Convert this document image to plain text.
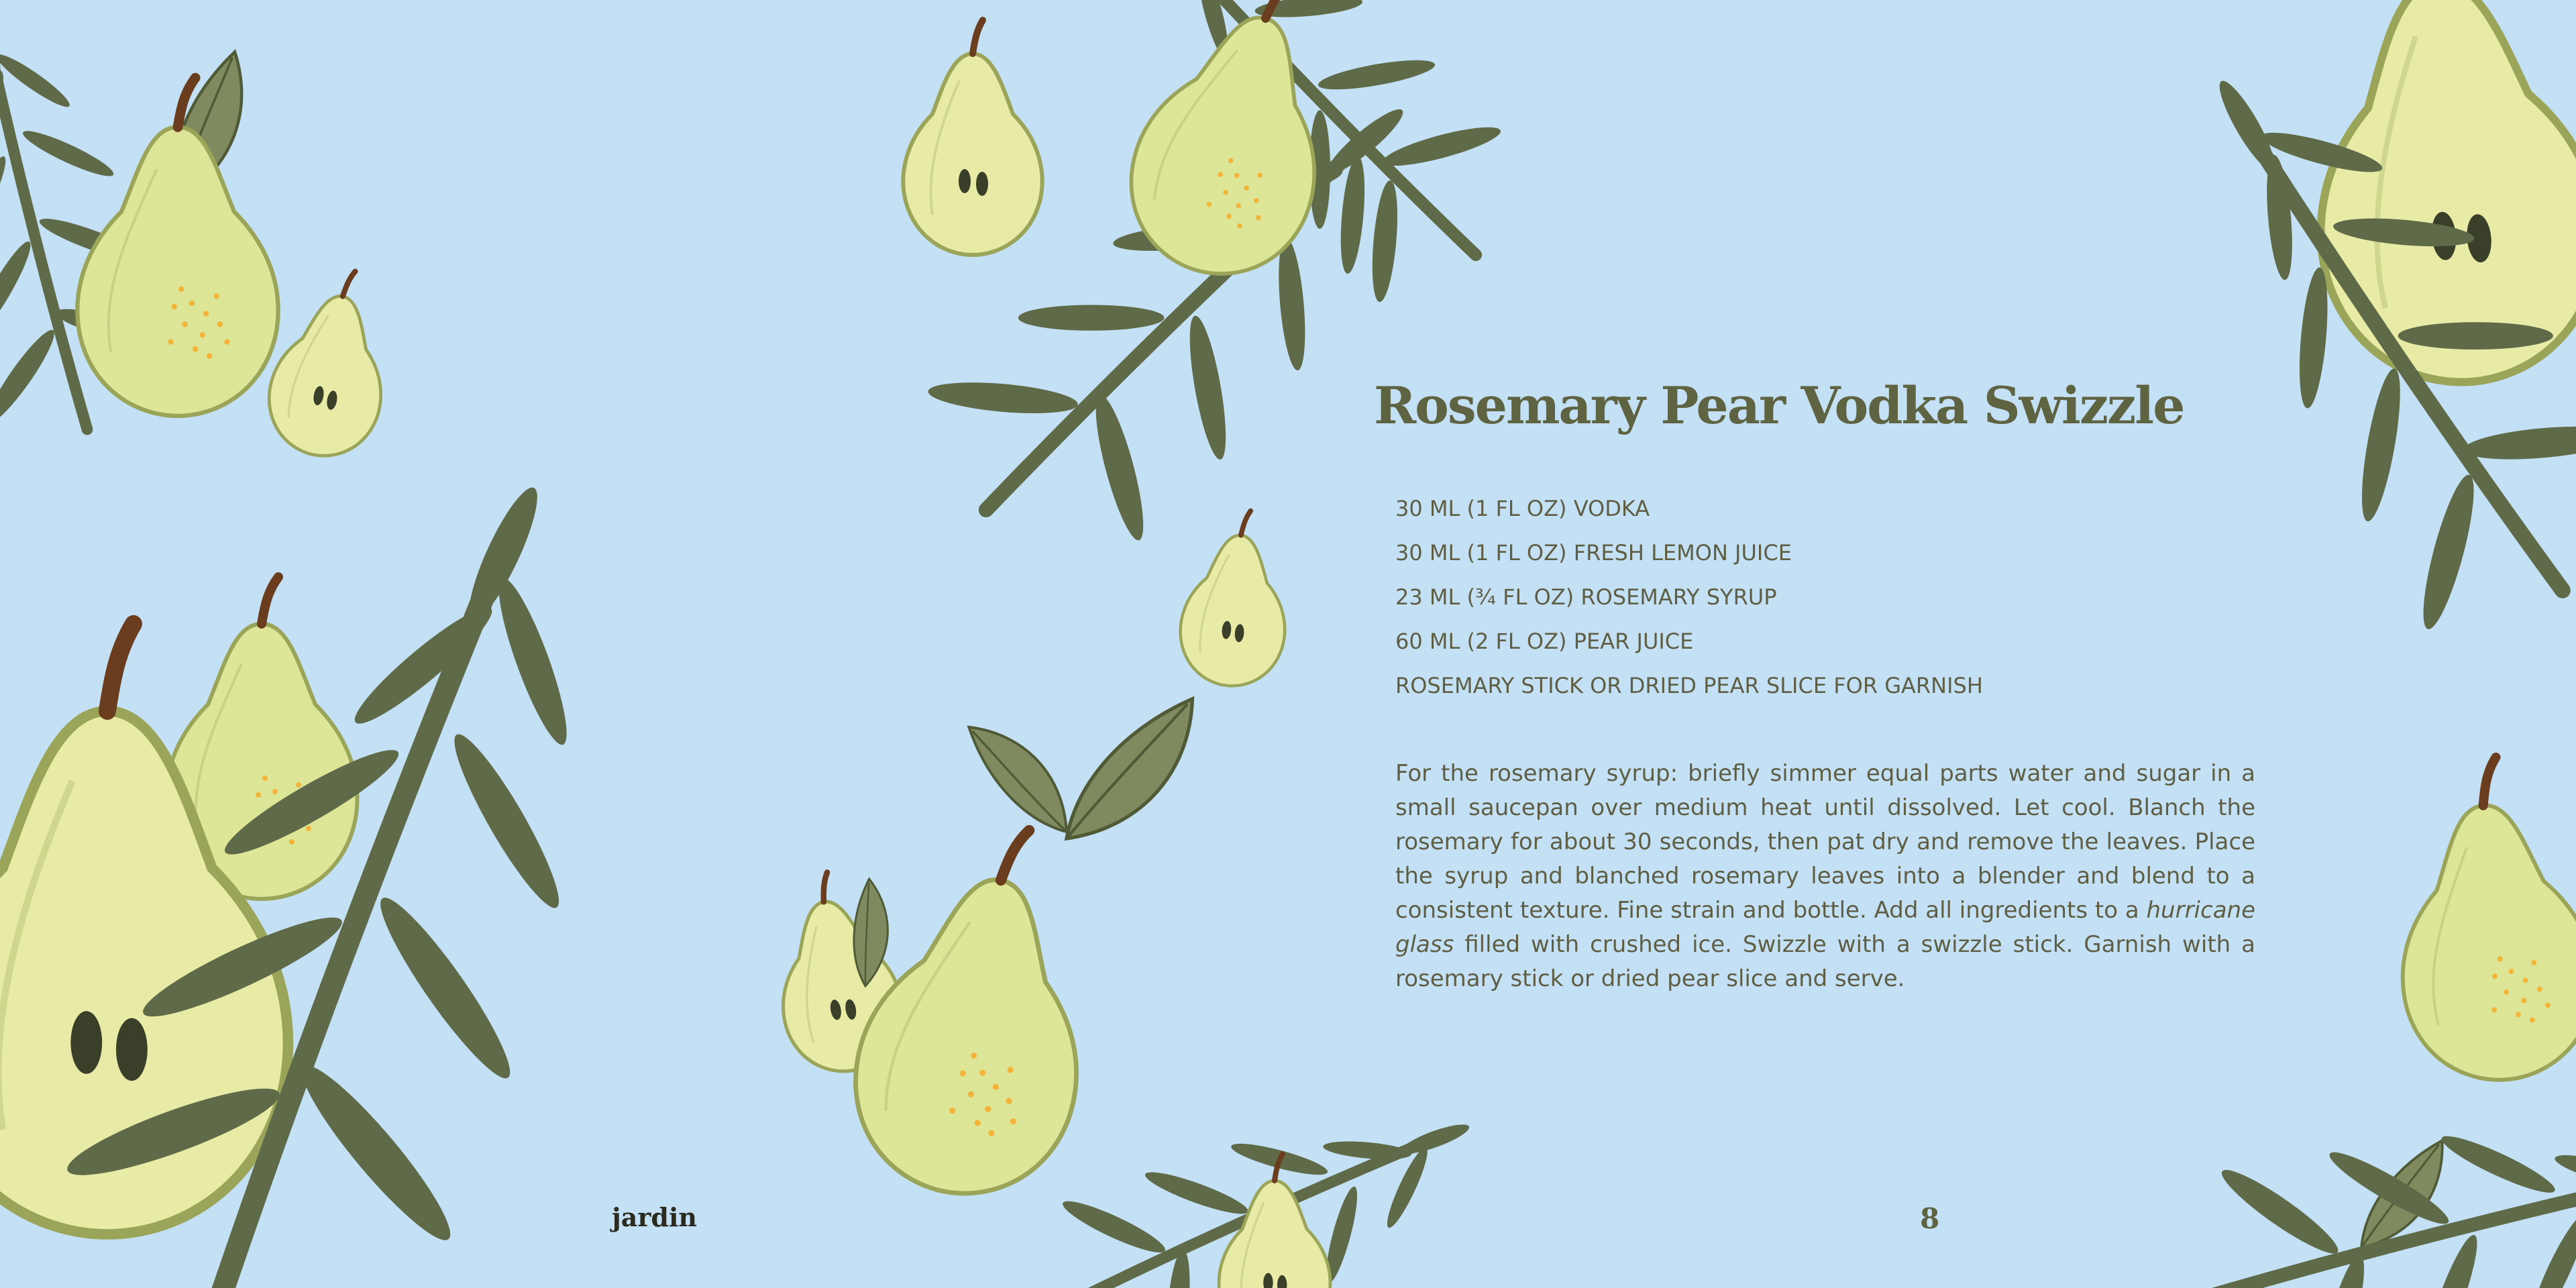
Rosemary Pear Vodka Swizzle
30 ML (1 FL OZ) VODKA
30 ML (1 FL OZ) FRESH LEMON JUICE
23 ML (¾ FL OZ) ROSEMARY SYRUP
60 ML (2 FL OZ) PEAR JUICE
ROSEMARY STICK OR DRIED PEAR SLICE FOR GARNISH

For the rosemary syrup: briefly simmer equal parts water and sugar in a small saucepan over medium heat until dissolved. Let cool. Blanch the rosemary for about 30 seconds, then pat dry and remove the leaves. Place the syrup and blanched rosemary leaves into a blender and blend to a consistent texture. Fine strain and bottle. Add all ingredients to a hurricane glass filled with crushed ice. Swizzle with a swizzle stick. Garnish with a rosemary stick or dried pear slice and serve.

jardin	8
